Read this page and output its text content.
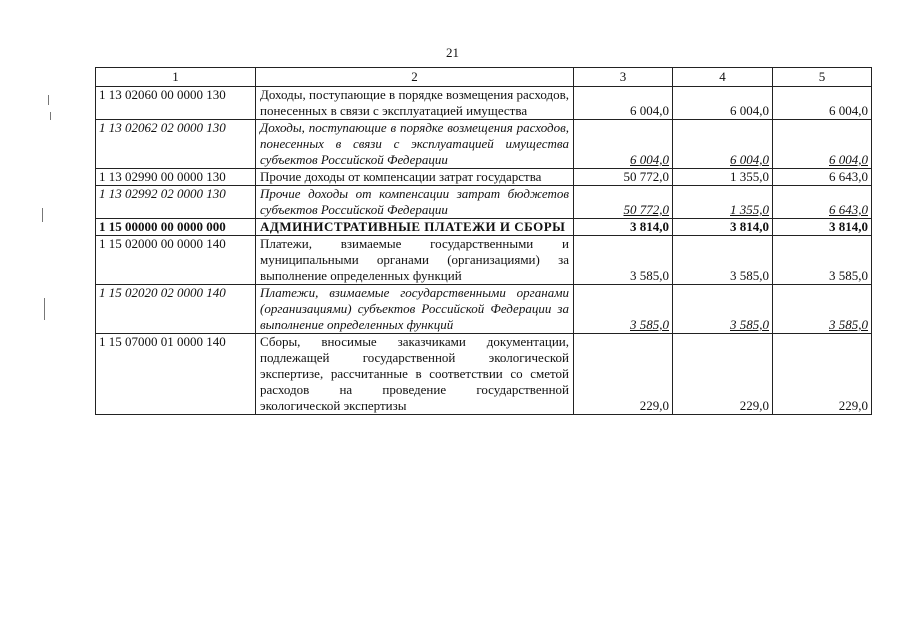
21
1	2	3	4	5
1 13 02060 00 0000 130	Доходы, поступающие в порядке возмещения расходов, понесенных в связи с эксплуатацией имущества	6 004,0	6 004,0	6 004,0
1 13 02062 02 0000 130	Доходы, поступающие в порядке возмещения расходов, понесенных в связи с эксплуатацией имущества субъектов Российской Федерации	6 004,0	6 004,0	6 004,0
1 13 02990 00 0000 130	Прочие доходы от компенсации затрат государства	50 772,0	1 355,0	6 643,0
1 13 02992 02 0000 130	Прочие доходы от компенсации затрат бюджетов субъектов Российской Федерации	50 772,0	1 355,0	6 643,0
1 15 00000 00 0000 000	АДМИНИСТРАТИВНЫЕ ПЛАТЕЖИ И СБОРЫ	3 814,0	3 814,0	3 814,0
1 15 02000 00 0000 140	Платежи, взимаемые государственными и муниципальными органами (организациями) за выполнение определенных функций	3 585,0	3 585,0	3 585,0
1 15 02020 02 0000 140	Платежи, взимаемые государственными органами (организациями) субъектов Российской Федерации за выполнение определенных функций	3 585,0	3 585,0	3 585,0
1 15 07000 01 0000 140	Сборы, вносимые заказчиками документации, подлежащей государственной экологической экспертизе, рассчитанные в соответствии со сметой расходов на проведение государственной экологической экспертизы	229,0	229,0	229,0
